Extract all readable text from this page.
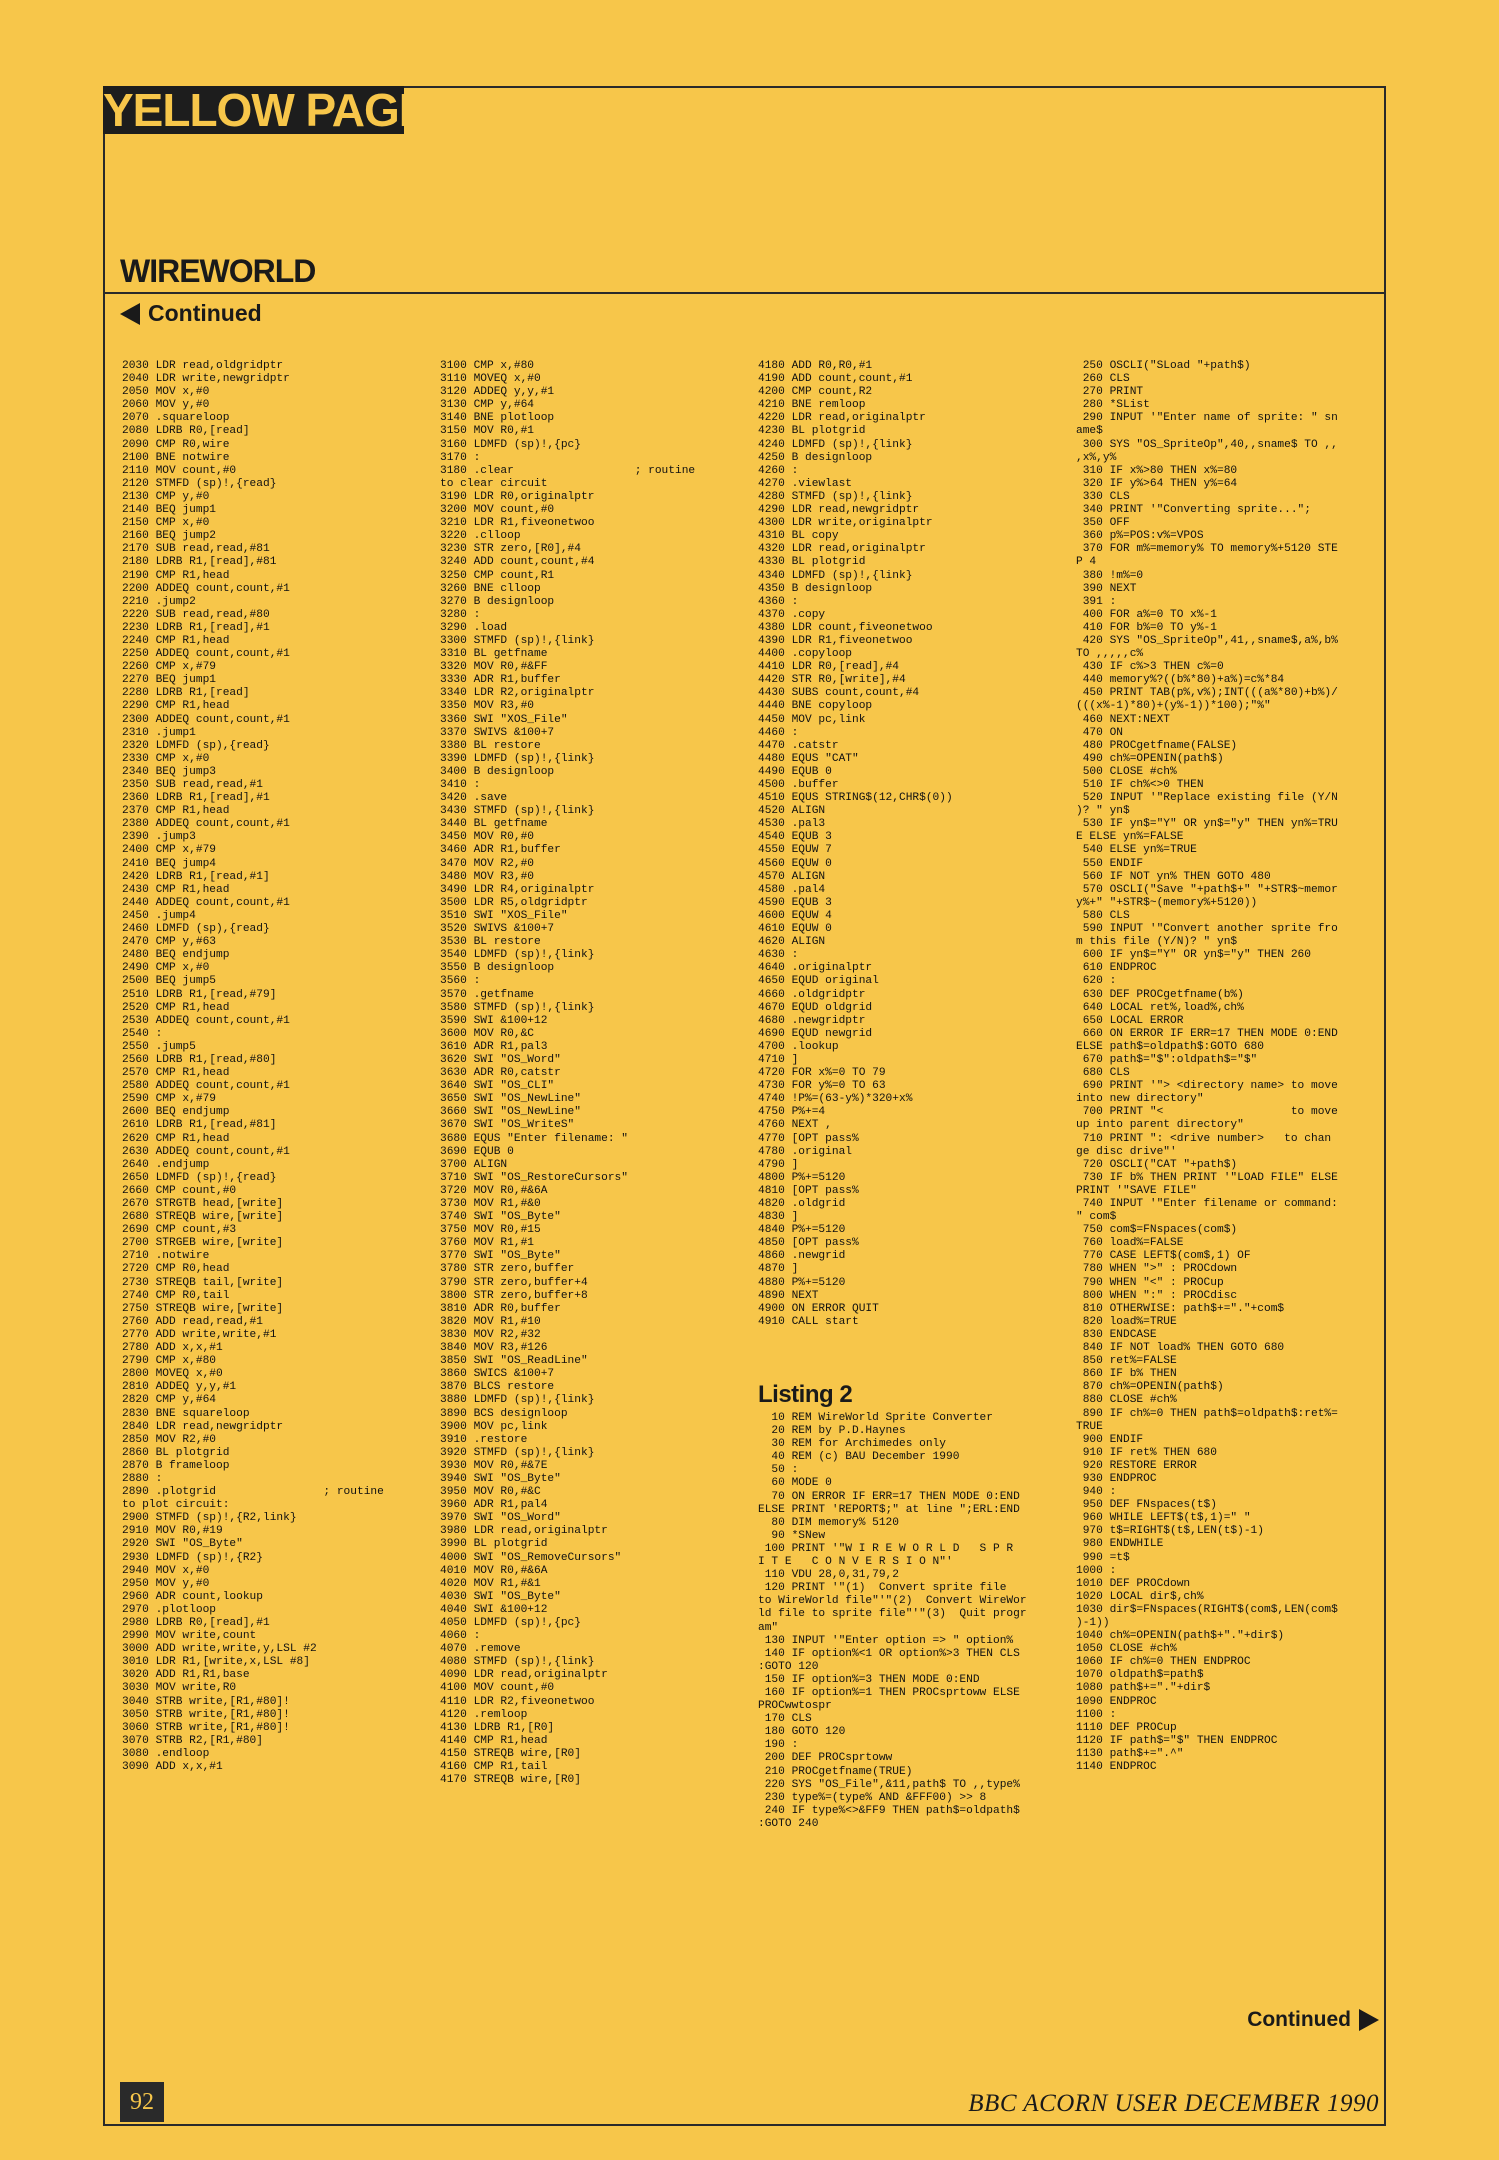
YELLOW PAGES
WIREWORLD
Continued
2030 LDR read,oldgridptr
2040 LDR write,newgridptr
2050 MOV x,#0
2060 MOV y,#0
2070 .squareloop
2080 LDRB R0,[read]
2090 CMP R0,wire
2100 BNE notwire
2110 MOV count,#0
2120 STMFD (sp)!,{read}
2130 CMP y,#0
2140 BEQ jump1
2150 CMP x,#0
2160 BEQ jump2
2170 SUB read,read,#81
2180 LDRB R1,[read],#81
2190 CMP R1,head
2200 ADDEQ count,count,#1
2210 .jump2
2220 SUB read,read,#80
2230 LDRB R1,[read],#1
2240 CMP R1,head
2250 ADDEQ count,count,#1
2260 CMP x,#79
2270 BEQ jump1
2280 LDRB R1,[read]
2290 CMP R1,head
2300 ADDEQ count,count,#1
2310 .jump1
2320 LDMFD (sp),{read}
2330 CMP x,#0
2340 BEQ jump3
2350 SUB read,read,#1
2360 LDRB R1,[read],#1
2370 CMP R1,head
2380 ADDEQ count,count,#1
2390 .jump3
2400 CMP x,#79
2410 BEQ jump4
2420 LDRB R1,[read,#1]
2430 CMP R1,head
2440 ADDEQ count,count,#1
2450 .jump4
2460 LDMFD (sp),{read}
2470 CMP y,#63
2480 BEQ endjump
2490 CMP x,#0
2500 BEQ jump5
2510 LDRB R1,[read,#79]
2520 CMP R1,head
2530 ADDEQ count,count,#1
2540 :
2550 .jump5
2560 LDRB R1,[read,#80]
2570 CMP R1,head
2580 ADDEQ count,count,#1
2590 CMP x,#79
2600 BEQ endjump
2610 LDRB R1,[read,#81]
2620 CMP R1,head
2630 ADDEQ count,count,#1
2640 .endjump
2650 LDMFD (sp)!,{read}
2660 CMP count,#0
2670 STRGTB head,[write]
2680 STREQB wire,[write]
2690 CMP count,#3
2700 STRGEB wire,[write]
2710 .notwire
2720 CMP R0,head
2730 STREQB tail,[write]
2740 CMP R0,tail
2750 STREQB wire,[write]
2760 ADD read,read,#1
2770 ADD write,write,#1
2780 ADD x,x,#1
2790 CMP x,#80
2800 MOVEQ x,#0
2810 ADDEQ y,y,#1
2820 CMP y,#64
2830 BNE squareloop
2840 LDR read,newgridptr
2850 MOV R2,#0
2860 BL plotgrid
2870 B frameloop
2880 :
2890 .plotgrid                ; routine
to plot circuit:
2900 STMFD (sp)!,{R2,link}
2910 MOV R0,#19
2920 SWI "OS_Byte"
2930 LDMFD (sp)!,{R2}
2940 MOV x,#0
2950 MOV y,#0
2960 ADR count,lookup
2970 .plotloop
2980 LDRB R0,[read],#1
2990 MOV write,count
3000 ADD write,write,y,LSL #2
3010 LDR R1,[write,x,LSL #8]
3020 ADD R1,R1,base
3030 MOV write,R0
3040 STRB write,[R1,#80]!
3050 STRB write,[R1,#80]!
3060 STRB write,[R1,#80]!
3070 STRB R2,[R1,#80]
3080 .endloop
3090 ADD x,x,#1
3100 CMP x,#80
3110 MOVEQ x,#0
3120 ADDEQ y,y,#1
3130 CMP y,#64
3140 BNE plotloop
3150 MOV R0,#1
3160 LDMFD (sp)!,{pc}
3170 :
3180 .clear                  ; routine
to clear circuit
3190 LDR R0,originalptr
3200 MOV count,#0
3210 LDR R1,fiveonetwoo
3220 .clloop
3230 STR zero,[R0],#4
3240 ADD count,count,#4
3250 CMP count,R1
3260 BNE clloop
3270 B designloop
3280 :
3290 .load
3300 STMFD (sp)!,{link}
3310 BL getfname
3320 MOV R0,#&FF
3330 ADR R1,buffer
3340 LDR R2,originalptr
3350 MOV R3,#0
3360 SWI "XOS_File"
3370 SWIVS &100+7
3380 BL restore
3390 LDMFD (sp)!,{link}
3400 B designloop
3410 :
3420 .save
3430 STMFD (sp)!,{link}
3440 BL getfname
3450 MOV R0,#0
3460 ADR R1,buffer
3470 MOV R2,#0
3480 MOV R3,#0
3490 LDR R4,originalptr
3500 LDR R5,oldgridptr
3510 SWI "XOS_File"
3520 SWIVS &100+7
3530 BL restore
3540 LDMFD (sp)!,{link}
3550 B designloop
3560 :
3570 .getfname
3580 STMFD (sp)!,{link}
3590 SWI &100+12
3600 MOV R0,&C
3610 ADR R1,pal3
3620 SWI "OS_Word"
3630 ADR R0,catstr
3640 SWI "OS_CLI"
3650 SWI "OS_NewLine"
3660 SWI "OS_NewLine"
3670 SWI "OS_WriteS"
3680 EQUS "Enter filename: "
3690 EQUB 0
3700 ALIGN
3710 SWI "OS_RestoreCursors"
3720 MOV R0,#&6A
3730 MOV R1,#&0
3740 SWI "OS_Byte"
3750 MOV R0,#15
3760 MOV R1,#1
3770 SWI "OS_Byte"
3780 STR zero,buffer
3790 STR zero,buffer+4
3800 STR zero,buffer+8
3810 ADR R0,buffer
3820 MOV R1,#10
3830 MOV R2,#32
3840 MOV R3,#126
3850 SWI "OS_ReadLine"
3860 SWICS &100+7
3870 BLCS restore
3880 LDMFD (sp)!,{link}
3890 BCS designloop
3900 MOV pc,link
3910 .restore
3920 STMFD (sp)!,{link}
3930 MOV R0,#&7E
3940 SWI "OS_Byte"
3950 MOV R0,#&C
3960 ADR R1,pal4
3970 SWI "OS_Word"
3980 LDR read,originalptr
3990 BL plotgrid
4000 SWI "OS_RemoveCursors"
4010 MOV R0,#&6A
4020 MOV R1,#&1
4030 SWI "OS_Byte"
4040 SWI &100+12
4050 LDMFD (sp)!,{pc}
4060 :
4070 .remove
4080 STMFD (sp)!,{link}
4090 LDR read,originalptr
4100 MOV count,#0
4110 LDR R2,fiveonetwoo
4120 .remloop
4130 LDRB R1,[R0]
4140 CMP R1,head
4150 STREQB wire,[R0]
4160 CMP R1,tail
4170 STREQB wire,[R0]
4180 ADD R0,R0,#1
4190 ADD count,count,#1
4200 CMP count,R2
4210 BNE remloop
4220 LDR read,originalptr
4230 BL plotgrid
4240 LDMFD (sp)!,{link}
4250 B designloop
4260 :
4270 .viewlast
4280 STMFD (sp)!,{link}
4290 LDR read,newgridptr
4300 LDR write,originalptr
4310 BL copy
4320 LDR read,originalptr
4330 BL plotgrid
4340 LDMFD (sp)!,{link}
4350 B designloop
4360 :
4370 .copy
4380 LDR count,fiveonetwoo
4390 LDR R1,fiveonetwoo
4400 .copyloop
4410 LDR R0,[read],#4
4420 STR R0,[write],#4
4430 SUBS count,count,#4
4440 BNE copyloop
4450 MOV pc,link
4460 :
4470 .catstr
4480 EQUS "CAT"
4490 EQUB 0
4500 .buffer
4510 EQUS STRING$(12,CHR$(0))
4520 ALIGN
4530 .pal3
4540 EQUB 3
4550 EQUW 7
4560 EQUW 0
4570 ALIGN
4580 .pal4
4590 EQUB 3
4600 EQUW 4
4610 EQUW 0
4620 ALIGN
4630 :
4640 .originalptr
4650 EQUD original
4660 .oldgridptr
4670 EQUD oldgrid
4680 .newgridptr
4690 EQUD newgrid
4700 .lookup
4710 ]
4720 FOR x%=0 TO 79
4730 FOR y%=0 TO 63
4740 !P%=(63-y%)*320+x%
4750 P%+=4
4760 NEXT ,
4770 [OPT pass%
4780 .original
4790 ]
4800 P%+=5120
4810 [OPT pass%
4820 .oldgrid
4830 ]
4840 P%+=5120
4850 [OPT pass%
4860 .newgrid
4870 ]
4880 P%+=5120
4890 NEXT
4900 ON ERROR QUIT
4910 CALL start
Listing 2
10 REM WireWorld Sprite Converter
20 REM by P.D.Haynes
30 REM for Archimedes only
40 REM (c) BAU December 1990
50 :
60 MODE 0
70 ON ERROR IF ERR=17 THEN MODE 0:END
ELSE PRINT 'REPORT$;" at line ";ERL:END
80 DIM memory% 5120
90 *SNew
100 PRINT '"W I R E W O R L D   S P R
I T E   C O N V E R S I O N"'
110 VDU 28,0,31,79,2
120 PRINT '"(1)  Convert sprite file
to WireWorld file"'"(2)  Convert WireWor
ld file to sprite file"'"(3)  Quit progr
am"
130 INPUT '"Enter option => " option%
140 IF option%<1 OR option%>3 THEN CLS
:GOTO 120
150 IF option%=3 THEN MODE 0:END
160 IF option%=1 THEN PROCsprtoww ELSE
PROCwwtospr
170 CLS
180 GOTO 120
190 :
200 DEF PROCsprtoww
210 PROCgetfname(TRUE)
220 SYS "OS_File",&11,path$ TO ,,type%
230 type%=(type% AND &FFF00) >> 8
240 IF type%<>&FF9 THEN path$=oldpath$
:GOTO 240
250 OSCLI("SLoad "+path$)
260 CLS
270 PRINT
280 *SList
290 INPUT '"Enter name of sprite: " sn
ame$
300 SYS "OS_SpriteOp",40,,sname$ TO ,,
,x%,y%
310 IF x%>80 THEN x%=80
320 IF y%>64 THEN y%=64
330 CLS
340 PRINT '"Converting sprite...";
350 OFF
360 p%=POS:v%=VPOS
370 FOR m%=memory% TO memory%+5120 STE
P 4
380 !m%=0
390 NEXT
391 :
400 FOR a%=0 TO x%-1
410 FOR b%=0 TO y%-1
420 SYS "OS_SpriteOp",41,,sname$,a%,b%
TO ,,,,,c%
430 IF c%>3 THEN c%=0
440 memory%?((b%*80)+a%)=c%*84
450 PRINT TAB(p%,v%);INT(((a%*80)+b%)/
(((x%-1)*80)+(y%-1))*100);"%"
460 NEXT:NEXT
470 ON
480 PROCgetfname(FALSE)
490 ch%=OPENIN(path$)
500 CLOSE #ch%
510 IF ch%<>0 THEN
520 INPUT '"Replace existing file (Y/N
)? " yn$
530 IF yn$="Y" OR yn$="y" THEN yn%=TRU
E ELSE yn%=FALSE
540 ELSE yn%=TRUE
550 ENDIF
560 IF NOT yn% THEN GOTO 480
570 OSCLI("Save "+path$+" "+STR$~memor
y%+" "+STR$~(memory%+5120))
580 CLS
590 INPUT '"Convert another sprite fro
m this file (Y/N)? " yn$
600 IF yn$="Y" OR yn$="y" THEN 260
610 ENDPROC
620 :
630 DEF PROCgetfname(b%)
640 LOCAL ret%,load%,ch%
650 LOCAL ERROR
660 ON ERROR IF ERR=17 THEN MODE 0:END
ELSE path$=oldpath$:GOTO 680
670 path$="$":oldpath$="$"
680 CLS
690 PRINT '"> <directory name> to move
into new directory"
700 PRINT "<                   to move
up into parent directory"
710 PRINT ": <drive number>   to chan
ge disc drive"'
720 OSCLI("CAT "+path$)
730 IF b% THEN PRINT '"LOAD FILE" ELSE
PRINT '"SAVE FILE"
740 INPUT '"Enter filename or command:
" com$
750 com$=FNspaces(com$)
760 load%=FALSE
770 CASE LEFT$(com$,1) OF
780 WHEN ">" : PROCdown
790 WHEN "<" : PROCup
800 WHEN ":" : PROCdisc
810 OTHERWISE: path$+="."+com$
820 load%=TRUE
830 ENDCASE
840 IF NOT load% THEN GOTO 680
850 ret%=FALSE
860 IF b% THEN
870 ch%=OPENIN(path$)
880 CLOSE #ch%
890 IF ch%=0 THEN path$=oldpath$:ret%=
TRUE
900 ENDIF
910 IF ret% THEN 680
920 RESTORE ERROR
930 ENDPROC
940 :
950 DEF FNspaces(t$)
960 WHILE LEFT$(t$,1)=" "
970 t$=RIGHT$(t$,LEN(t$)-1)
980 ENDWHILE
990 =t$
1000 :
1010 DEF PROCdown
1020 LOCAL dir$,ch%
1030 dir$=FNspaces(RIGHT$(com$,LEN(com$
)-1))
1040 ch%=OPENIN(path$+"."+dir$)
1050 CLOSE #ch%
1060 IF ch%=0 THEN ENDPROC
1070 oldpath$=path$
1080 path$+="."+dir$
1090 ENDPROC
1100 :
1110 DEF PROCup
1120 IF path$="$" THEN ENDPROC
1130 path$+=".^"
1140 ENDPROC
Continued
92	BBC ACORN USER DECEMBER 1990
